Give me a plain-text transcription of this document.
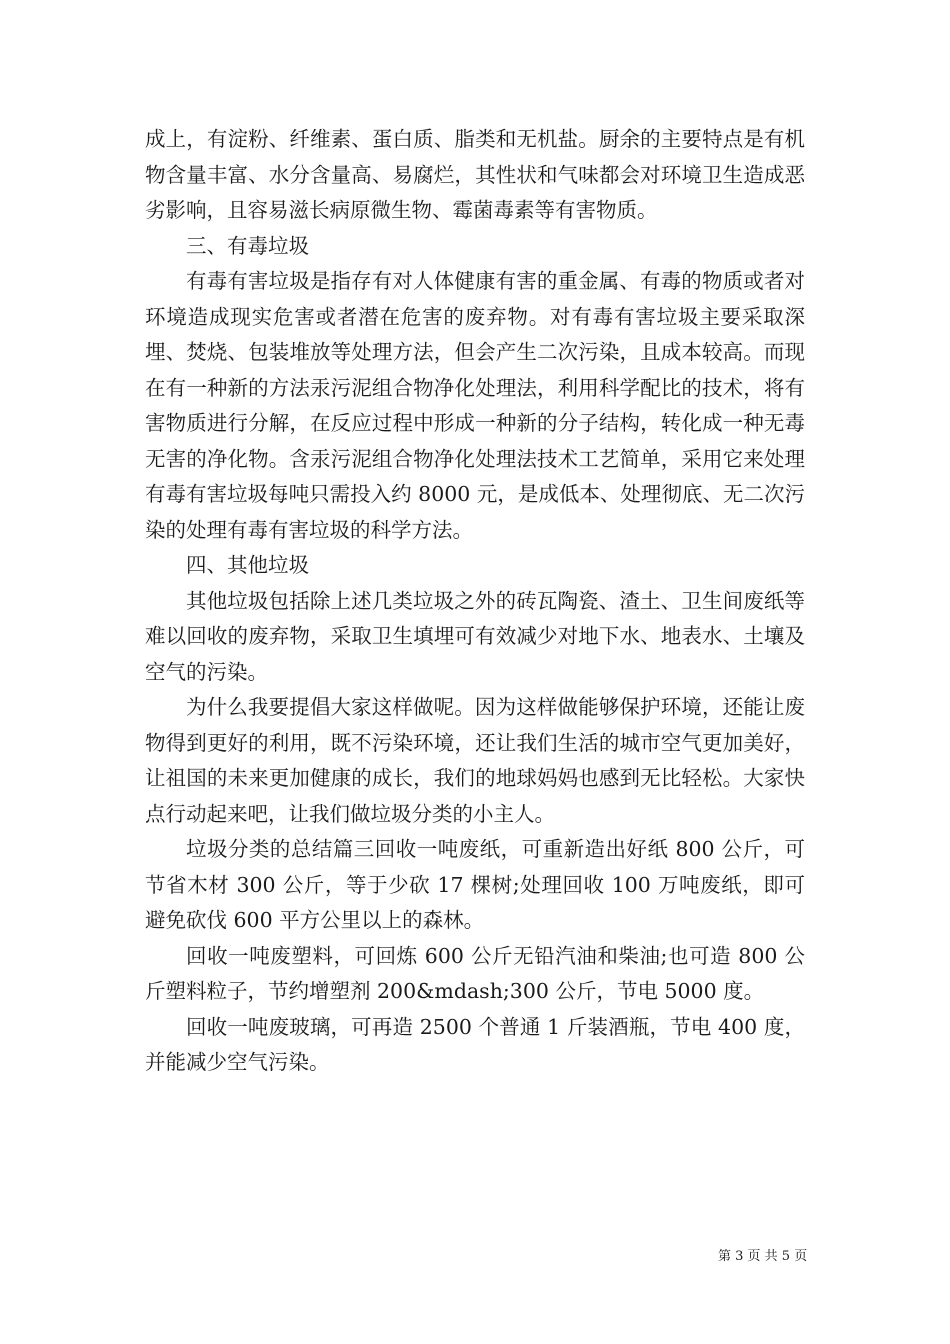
成上，有淀粉、纤维素、蛋白质、脂类和无机盐。厨余的主要特点是有机物含量丰富、水分含量高、易腐烂，其性状和气味都会对环境卫生造成恶劣影响，且容易滋长病原微生物、霉菌毒素等有害物质。

三、有毒垃圾

有毒有害垃圾是指存有对人体健康有害的重金属、有毒的物质或者对环境造成现实危害或者潜在危害的废弃物。对有毒有害垃圾主要采取深埋、焚烧、包装堆放等处理方法，但会产生二次污染，且成本较高。而现在有一种新的方法汞污泥组合物净化处理法，利用科学配比的技术，将有害物质进行分解，在反应过程中形成一种新的分子结构，转化成一种无毒无害的净化物。含汞污泥组合物净化处理法技术工艺简单，采用它来处理有毒有害垃圾每吨只需投入约 8000 元，是成低本、处理彻底、无二次污染的处理有毒有害垃圾的科学方法。

四、其他垃圾

其他垃圾包括除上述几类垃圾之外的砖瓦陶瓷、渣土、卫生间废纸等难以回收的废弃物，采取卫生填埋可有效减少对地下水、地表水、土壤及空气的污染。

为什么我要提倡大家这样做呢。因为这样做能够保护环境，还能让废物得到更好的利用，既不污染环境，还让我们生活的城市空气更加美好，让祖国的未来更加健康的成长，我们的地球妈妈也感到无比轻松。大家快点行动起来吧，让我们做垃圾分类的小主人。

垃圾分类的总结篇三回收一吨废纸，可重新造出好纸 800 公斤，可节省木材 300 公斤，等于少砍 17 棵树;处理回收 100 万吨废纸，即可避免砍伐 600 平方公里以上的森林。

回收一吨废塑料，可回炼 600 公斤无铅汽油和柴油;也可造 800 公斤塑料粒子，节约增塑剂 200&mdash;300 公斤，节电 5000 度。

回收一吨废玻璃，可再造 2500 个普通 1 斤装酒瓶，节电 400 度，并能减少空气污染。

第 3 页 共 5 页
